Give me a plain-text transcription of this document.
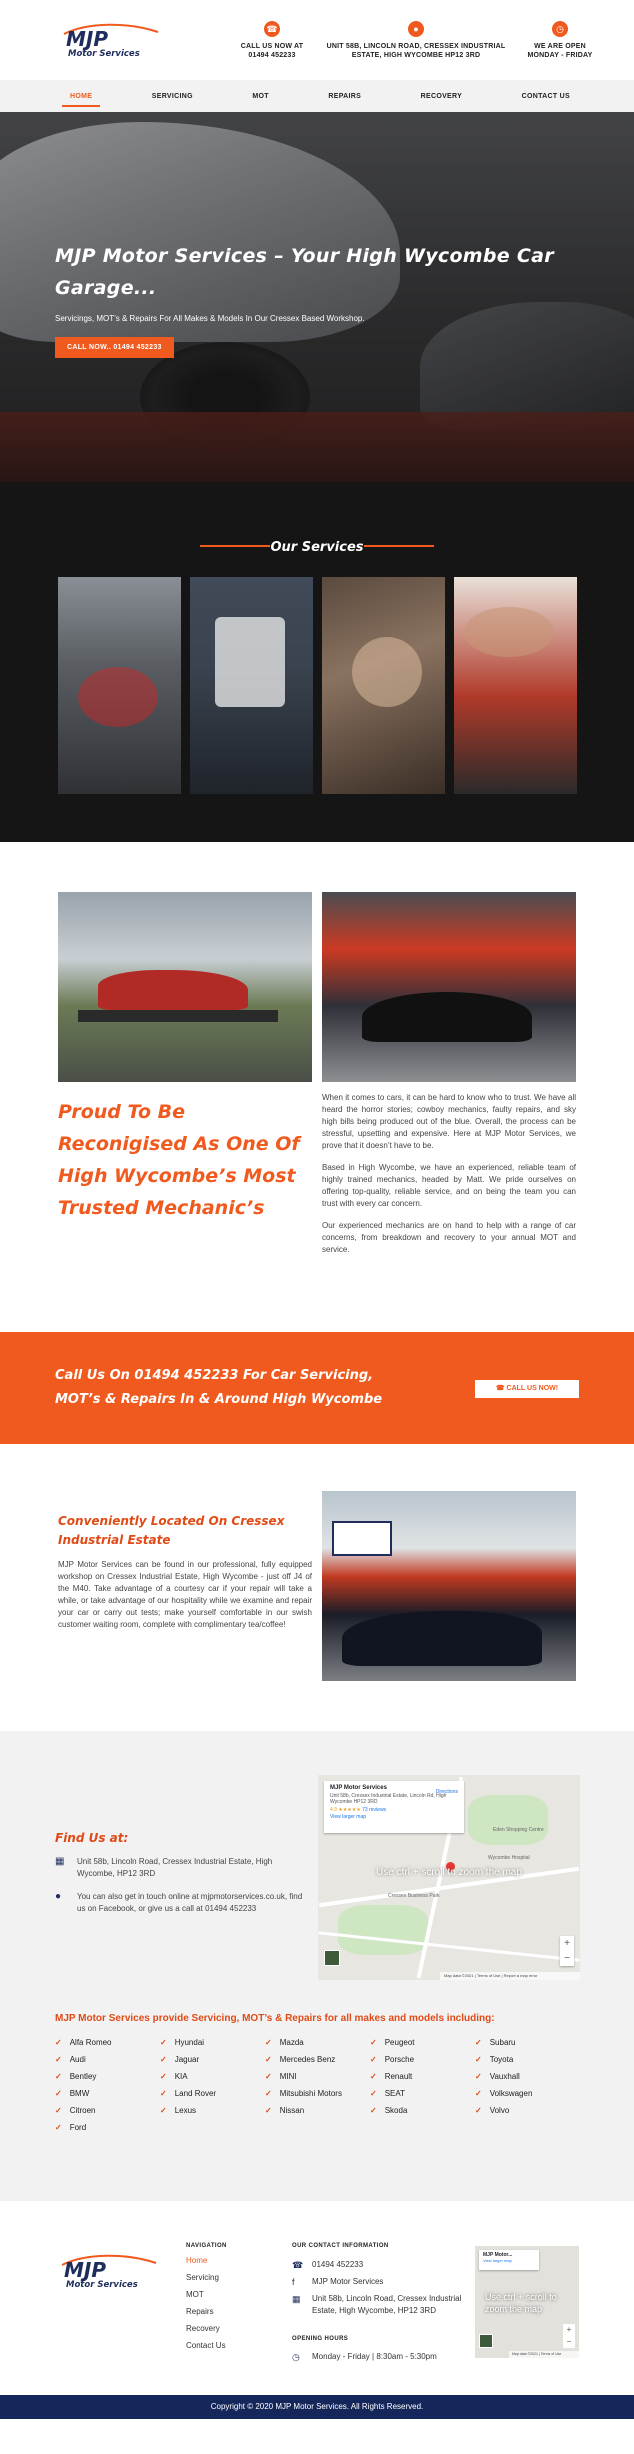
MJP
Motor Services
☎
CALL US NOW AT
01494 452233
●
UNIT 58B, LINCOLN ROAD, CRESSEX INDUSTRIAL
ESTATE, HIGH WYCOMBE HP12 3RD
◷
WE ARE OPEN
MONDAY - FRIDAY
HOME	SERVICING	MOT	REPAIRS	RECOVERY	CONTACT US
MJP Motor Services – Your High Wycombe Car
Garage...

Servicings, MOT’s & Repairs For All Makes & Models In Our Cressex Based Workshop.

CALL NOW.. 01494 452233
Our Services
Proud To Be
Reconigised As One Of
High Wycombe’s Most
Trusted Mechanic’s

When it comes to cars, it can be hard to know who to trust. We have all heard the horror stories; cowboy mechanics, faulty repairs, and sky high bills being produced out of the blue. Overall, the process can be stressful, upsetting and expensive. Here at MJP Motor Services, we prove that it doesn’t have to be.

Based in High Wycombe, we have an experienced, reliable team of highly trained mechanics, headed by Matt. We pride ourselves on offering top-quality, reliable service, and on being the team you can trust with every car concern.

Our experienced mechanics are on hand to help with a range of car concerns, from breakdown and recovery to your annual MOT and service.

Call Us On 01494 452233 For Car Servicing,
MOT’s & Repairs In & Around High Wycombe
☎ CALL US NOW!
Conveniently Located On Cressex
Industrial Estate

MJP Motor Services can be found in our professional, fully equipped workshop on Cressex Industrial Estate, High Wycombe - just off J4 of the M40. Take advantage of a courtesy car if your repair will take a while, or take advantage of our hospitality while we examine and repair your car or carry out tests; make yourself comfortable in our swish customer waiting room, complete with complimentary tea/coffee!

Find Us at:
▦	Unit 58b, Lincoln Road, Cressex Industrial Estate, High Wycombe, HP12 3RD
●	You can also get in touch online at mjpmotorservices.co.uk, find us on Facebook, or give us a call at 01494 452233
Eden Shopping Centre
Wycombe Hospital
Cressex Business Park
MJP Motor Services
Unit 58b, Cressex Industrial Estate, Lincoln Rd, High Wycombe HP12 3RD
4.9 ★★★★★ 73 reviews
View larger map
Directions
Use ctrl + scroll to zoom the map
+
−
Map data ©2021 | Terms of Use | Report a map error
MJP Motor Services provide Servicing, MOT’s & Repairs for all makes and models including:
✓ Alfa Romeo	✓ Hyundai	✓ Mazda	✓ Peugeot	✓ Subaru
✓ Audi	✓ Jaguar	✓ Mercedes Benz	✓ Porsche	✓ Toyota
✓ Bentley	✓ KIA	✓ MINI	✓ Renault	✓ Vauxhall
✓ BMW	✓ Land Rover	✓ Mitsubishi Motors	✓ SEAT	✓ Volkswagen
✓ Citroen	✓ Lexus	✓ Nissan	✓ Skoda	✓ Volvo
✓ Ford
MJP
Motor Services
NAVIGATION
Home
Servicing
MOT
Repairs
Recovery
Contact Us
OUR CONTACT INFORMATION
☎ 01494 452233
f	MJP Motor Services
▦ Unit 58b, Lincoln Road, Cressex Industrial Estate, High Wycombe, HP12 3RD
OPENING HOURS
◷ Monday - Friday | 8:30am - 5:30pm
MJP Motor...
View larger map
Use ctrl + scroll to zoom the map
+
−
Map data ©2021 | Terms of Use
Copyright © 2020 MJP Motor Services. All Rights Reserved.
